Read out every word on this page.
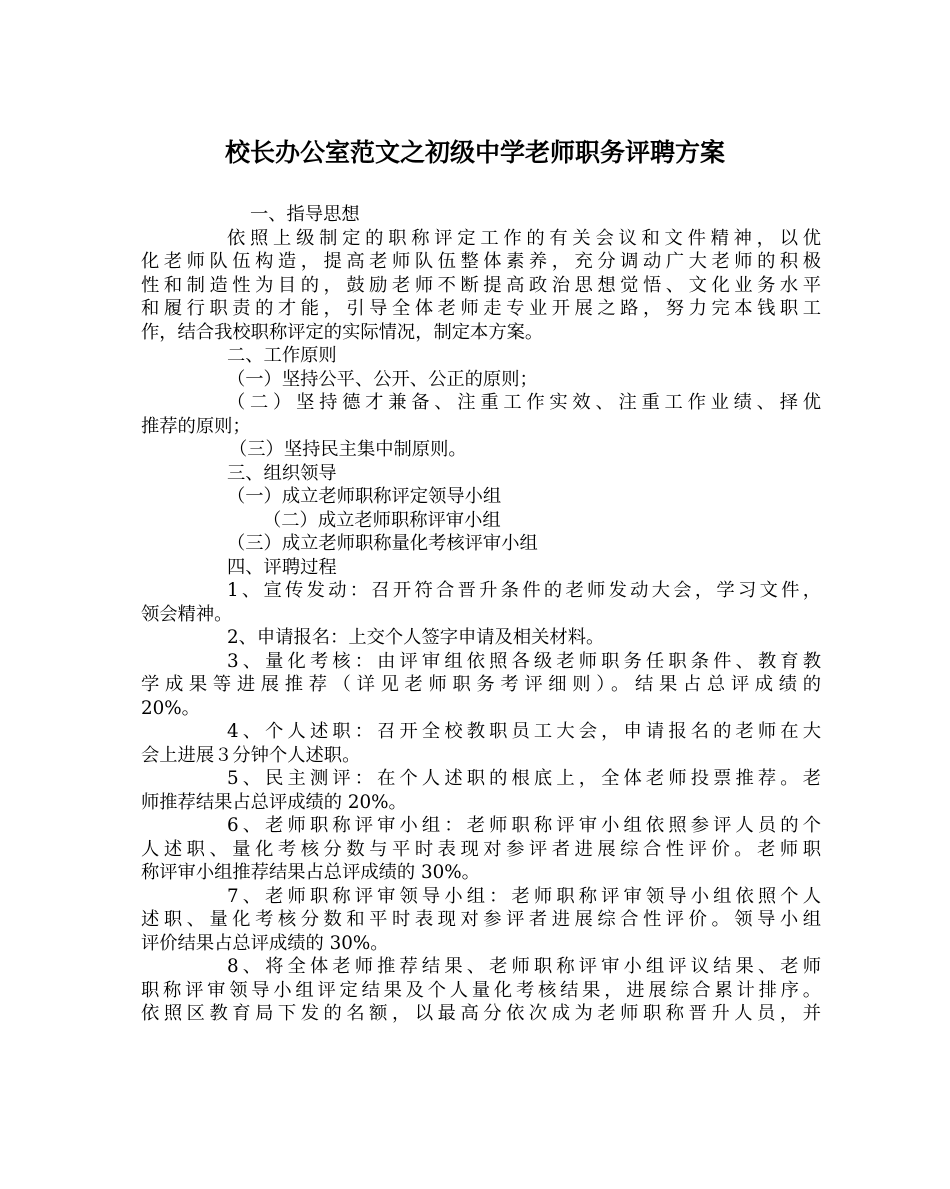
校长办公室范文之初级中学老师职务评聘方案
一、指导思想
依照上级制定的职称评定工作的有关会议和文件精神，以优
化老师队伍构造，提高老师队伍整体素养，充分调动广大老师的积极
性和制造性为目的，鼓励老师不断提高政治思想觉悟、文化业务水平
和履行职责的才能，引导全体老师走专业开展之路，努力完本钱职工
作，结合我校职称评定的实际情况，制定本方案。
二、工作原则
（一）坚持公平、公开、公正的原则；
（二）坚持德才兼备、注重工作实效、注重工作业绩、择优
推荐的原则；
（三）坚持民主集中制原则。
三、组织领导
（一）成立老师职称评定领导小组
（二）成立老师职称评审小组
（三）成立老师职称量化考核评审小组
四、评聘过程
1、宣传发动：召开符合晋升条件的老师发动大会，学习文件，
领会精神。
2、申请报名：上交个人签字申请及相关材料。
3、量化考核：由评审组依照各级老师职务任职条件、教育教
学成果等进展推荐（详见老师职务考评细则）。结果占总评成绩的
20%。
4、个人述职：召开全校教职员工大会，申请报名的老师在大
会上进展３分钟个人述职。
5、民主测评：在个人述职的根底上，全体老师投票推荐。老
师推荐结果占总评成绩的 20%。
6、老师职称评审小组：老师职称评审小组依照参评人员的个
人述职、量化考核分数与平时表现对参评者进展综合性评价。老师职
称评审小组推荐结果占总评成绩的 30%。
7、老师职称评审领导小组：老师职称评审领导小组依照个人
述职、量化考核分数和平时表现对参评者进展综合性评价。领导小组
评价结果占总评成绩的 30%。
8、将全体老师推荐结果、老师职称评审小组评议结果、老师
职称评审领导小组评定结果及个人量化考核结果，进展综合累计排序。
依照区教育局下发的名额，以最高分依次成为老师职称晋升人员，并
